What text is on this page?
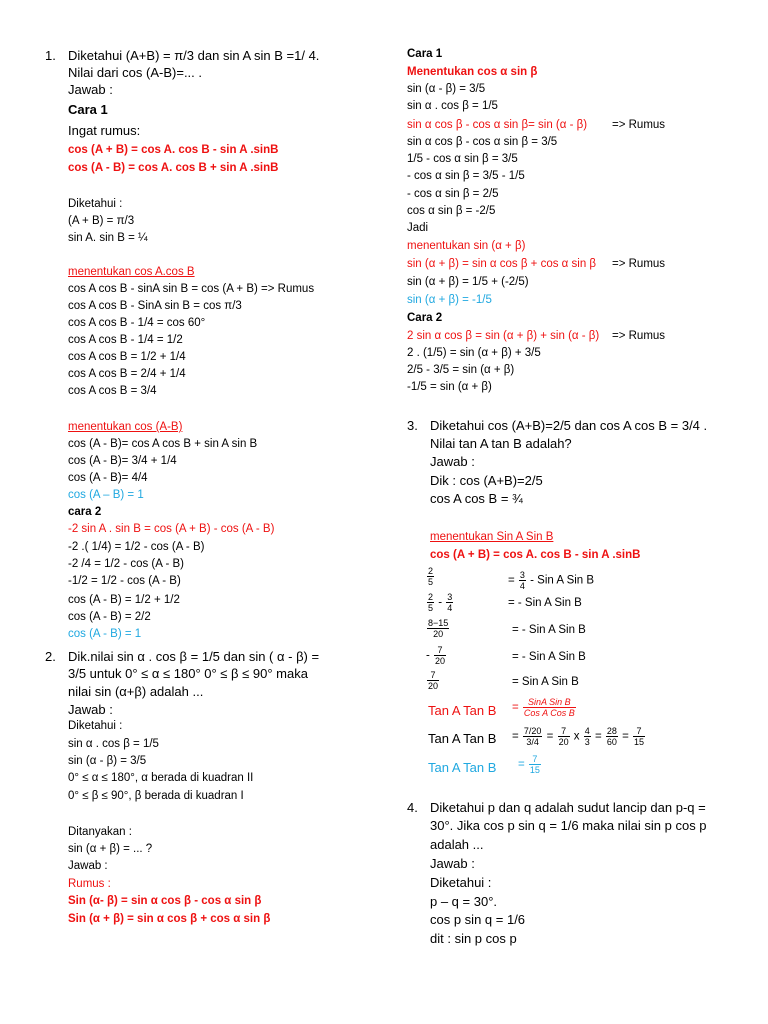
1. Diketahui (A+B) = π/3 dan sin A sin B =1/ 4.
Nilai dari cos (A-B)=... .
Jawab :
Cara 1
Ingat rumus:
cos (A + B) = cos A. cos B - sin A .sinB
cos (A - B) = cos A. cos B + sin A .sinB
Diketahui :
(A + B) = π/3
sin A. sin B = ¼
menentukan cos A.cos B
cos A cos B - sinA sin B = cos (A + B) => Rumus
cos A cos B - SinA sin B = cos π/3
cos A cos B - 1/4 = cos 60°
cos A cos B - 1/4 = 1/2
cos A cos B = 1/2 + 1/4
cos A cos B = 2/4 + 1/4
cos A cos B = 3/4
menentukan cos (A-B)
cos (A - B)= cos A cos B + sin A sin B
cos (A - B)= 3/4 + 1/4
cos (A - B)= 4/4
cos (A – B) = 1
cara 2
-2 sin A . sin B = cos (A + B) - cos (A - B)
-2 .( 1/4) = 1/2 - cos (A - B)
-2 /4 = 1/2 - cos (A - B)
-1/2 = 1/2 - cos (A - B)
cos (A - B) = 1/2 + 1/2
cos (A - B) = 2/2
cos (A - B) = 1
2. Dik.nilai sin α . cos β = 1/5 dan sin ( α - β) =
3/5 untuk 0° ≤ α ≤ 180° 0° ≤ β ≤ 90° maka
nilai sin (α+β) adalah ...
Jawab :
Diketahui :
sin α . cos β = 1/5
sin (α - β) = 3/5
0° ≤ α ≤ 180°, α berada di kuadran II
0° ≤ β ≤ 90°, β berada di kuadran I
Ditanyakan :
sin (α + β) = ... ?
Jawab :
Rumus :
Sin (α- β) = sin α cos β - cos α sin β
Sin (α + β) = sin α cos β + cos α sin β
Cara 1
Menentukan cos α sin β
sin (α - β) = 3/5
sin α . cos β = 1/5
sin α cos β - cos α sin β= sin (α - β) => Rumus
sin α cos β - cos α sin β = 3/5
1/5 - cos α sin β = 3/5
- cos α sin β = 3/5 - 1/5
- cos α sin β = 2/5
cos α sin β = -2/5
Jadi
menentukan sin (α + β)
sin (α + β) = sin α cos β + cos α sin β => Rumus
sin (α + β) = 1/5 + (-2/5)
sin (α + β) = -1/5
Cara 2
2 sin α cos β = sin (α + β) + sin (α - β) => Rumus
2 . (1/5) = sin (α + β) + 3/5
2/5 - 3/5 = sin (α + β)
-1/5 = sin (α + β)
3. Diketahui cos (A+B)=2/5 dan cos A cos B = 3/4 .
Nilai tan A tan B adalah?
Jawab :
Dik : cos (A+B)=2/5
cos A cos B = ¾
menentukan Sin A Sin B
cos (A + B) = cos A. cos B - sin A .sinB
$\frac{2}{5}$	= $\frac{3}{4}$ - Sin A Sin B
$\frac{2}{5} - \frac{3}{4}$	= - Sin A Sin B
$\frac{8-15}{20}$	= - Sin A Sin B
- $\frac{7}{20}$	= - Sin A Sin B
$\frac{7}{20}$	= Sin A Sin B
Tan A Tan $B = \frac{\text{SinA Sin B}}{\text{Cos A Cos B}}$
Tan A Tan $B = \frac{7/20}{3/4} = \frac{7}{20}$ x $\frac{4}{3} = \frac{28}{60} = \frac{7}{15}$
Tan A Tan $B = \frac{7}{15}$
4. Diketahui p dan q adalah sudut lancip dan p-q =
30°. Jika cos p sin q = 1/6 maka nilai sin p cos p
adalah ...
Jawab :
Diketahui :
p – q = 30°.
cos p sin q = 1/6
dit : sin p cos p
